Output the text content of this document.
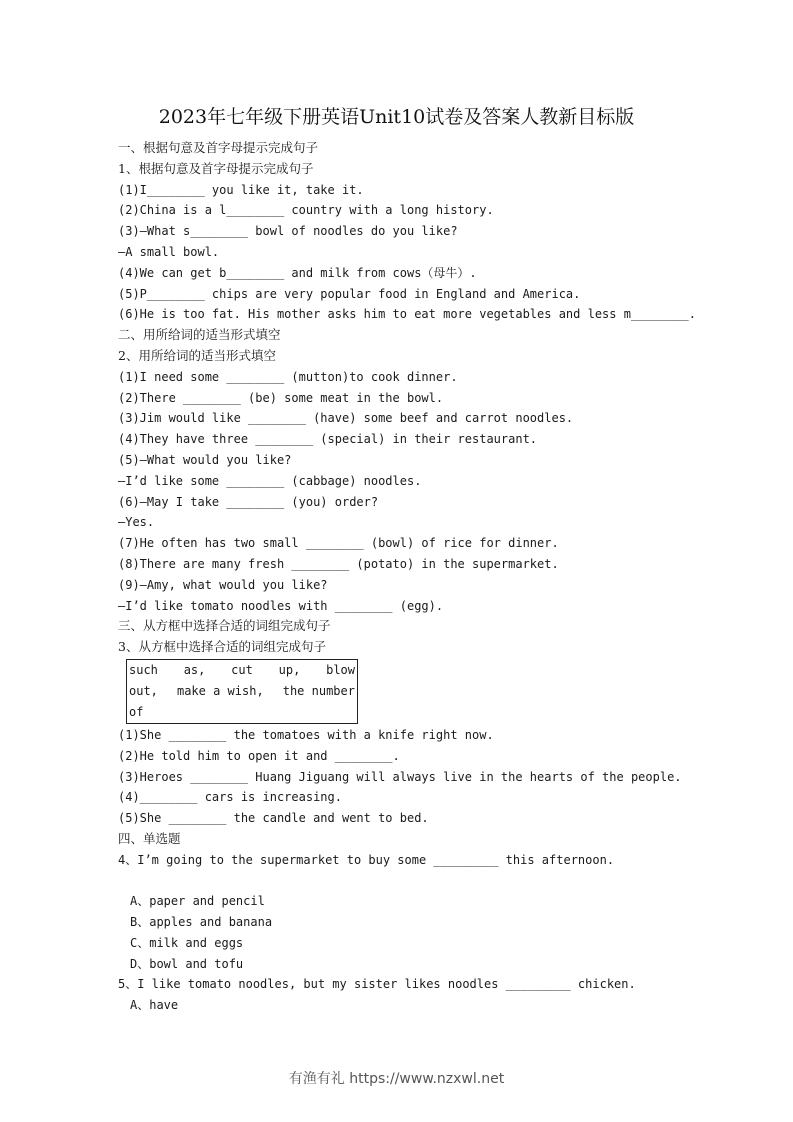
2023年七年级下册英语Unit10试卷及答案人教新目标版
一、根据句意及首字母提示完成句子
1、根据句意及首字母提示完成句子
(1)I________ you like it, take it.
(2)China is a l________ country with a long history.
(3)—What s________ bowl of noodles do you like?
—A small bowl.
(4)We can get b________ and milk from cows（母牛）.
(5)P________ chips are very popular food in England and America.
(6)He is too fat. His mother asks him to eat more vegetables and less m________.
二、用所给词的适当形式填空
2、用所给词的适当形式填空
(1)I need some ________ (mutton)to cook dinner.
(2)There ________ (be) some meat in the bowl.
(3)Jim would like ________ (have) some beef and carrot noodles.
(4)They have three ________ (special) in their restaurant.
(5)—What would you like?
—I’d like some ________ (cabbage) noodles.
(6)—May I take ________ (you) order?
—Yes.
(7)He often has two small ________ (bowl) of rice for dinner.
(8)There are many fresh ________ (potato) in the supermarket.
(9)—Amy, what would you like?
—I’d like tomato noodles with ________ (egg).
三、从方框中选择合适的词组完成句子
3、从方框中选择合适的词组完成句子
such as, cut up, blow
out, make a wish, the number
of
(1)She ________ the tomatoes with a knife right now.
(2)He told him to open it and ________.
(3)Heroes ________ Huang Jiguang will always live in the hearts of the people.
(4)________ cars is increasing.
(5)She ________ the candle and went to bed.
四、单选题
4、I’m going to the supermarket to buy some _________ this afternoon.
A、paper and pencil
B、apples and banana
C、milk and eggs
D、bowl and tofu
5、I like tomato noodles, but my sister likes noodles _________ chicken.
A、have
有渔有礼 https://www.nzxwl.net
